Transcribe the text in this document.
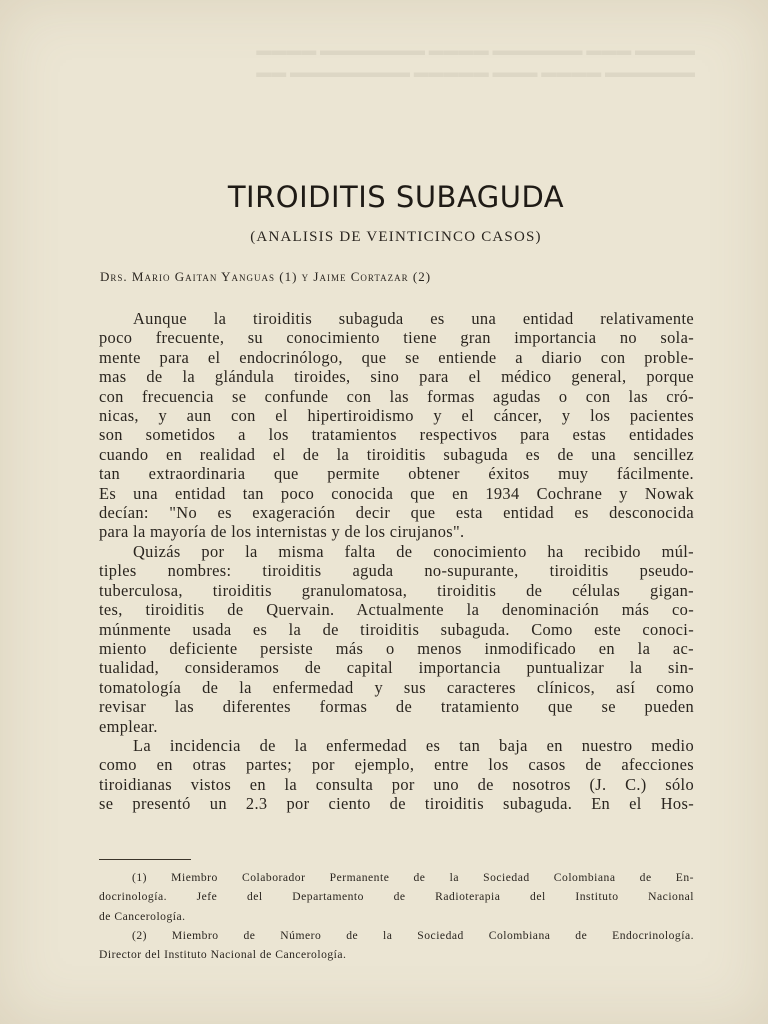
▬▬▬▬ ▬▬▬ ▬▬▬▬▬▬ ▬▬▬▬ ▬▬▬▬▬▬▬ ▬▬▬▬
▬▬▬▬▬▬ ▬▬▬▬ ▬▬▬ ▬▬▬▬▬ ▬▬▬▬▬▬▬▬ ▬▬
TIROIDITIS SUBAGUDA
(ANALISIS DE VEINTICINCO CASOS)
Drs. Mario Gaitan Yanguas (1) y Jaime Cortazar (2)
Aunque la tiroiditis subaguda es una entidad relativamente
poco frecuente, su conocimiento tiene gran importancia no sola-
mente para el endocrinólogo, que se entiende a diario con proble-
mas de la glándula tiroides, sino para el médico general, porque
con frecuencia se confunde con las formas agudas o con las cró-
nicas, y aun con el hipertiroidismo y el cáncer, y los pacientes
son sometidos a los tratamientos respectivos para estas entidades
cuando en realidad el de la tiroiditis subaguda es de una sencillez
tan extraordinaria que permite obtener éxitos muy fácilmente.
Es una entidad tan poco conocida que en 1934 Cochrane y Nowak
decían: "No es exageración decir que esta entidad es desconocida
para la mayoría de los internistas y de los cirujanos".
Quizás por la misma falta de conocimiento ha recibido múl-
tiples nombres: tiroiditis aguda no-supurante, tiroiditis pseudo-
tuberculosa, tiroiditis granulomatosa, tiroiditis de células gigan-
tes, tiroiditis de Quervain. Actualmente la denominación más co-
múnmente usada es la de tiroiditis subaguda. Como este conoci-
miento deficiente persiste más o menos inmodificado en la ac-
tualidad, consideramos de capital importancia puntualizar la sin-
tomatología de la enfermedad y sus caracteres clínicos, así como
revisar las diferentes formas de tratamiento que se pueden
emplear.
La incidencia de la enfermedad es tan baja en nuestro medio
como en otras partes; por ejemplo, entre los casos de afecciones
tiroidianas vistos en la consulta por uno de nosotros (J. C.) sólo
se presentó un 2.3 por ciento de tiroiditis subaguda. En el Hos-
(1) Miembro Colaborador Permanente de la Sociedad Colombiana de En-
docrinología. Jefe del Departamento de Radioterapia del Instituto Nacional
de Cancerología.
(2) Miembro de Número de la Sociedad Colombiana de Endocrinología.
Director del Instituto Nacional de Cancerología.
